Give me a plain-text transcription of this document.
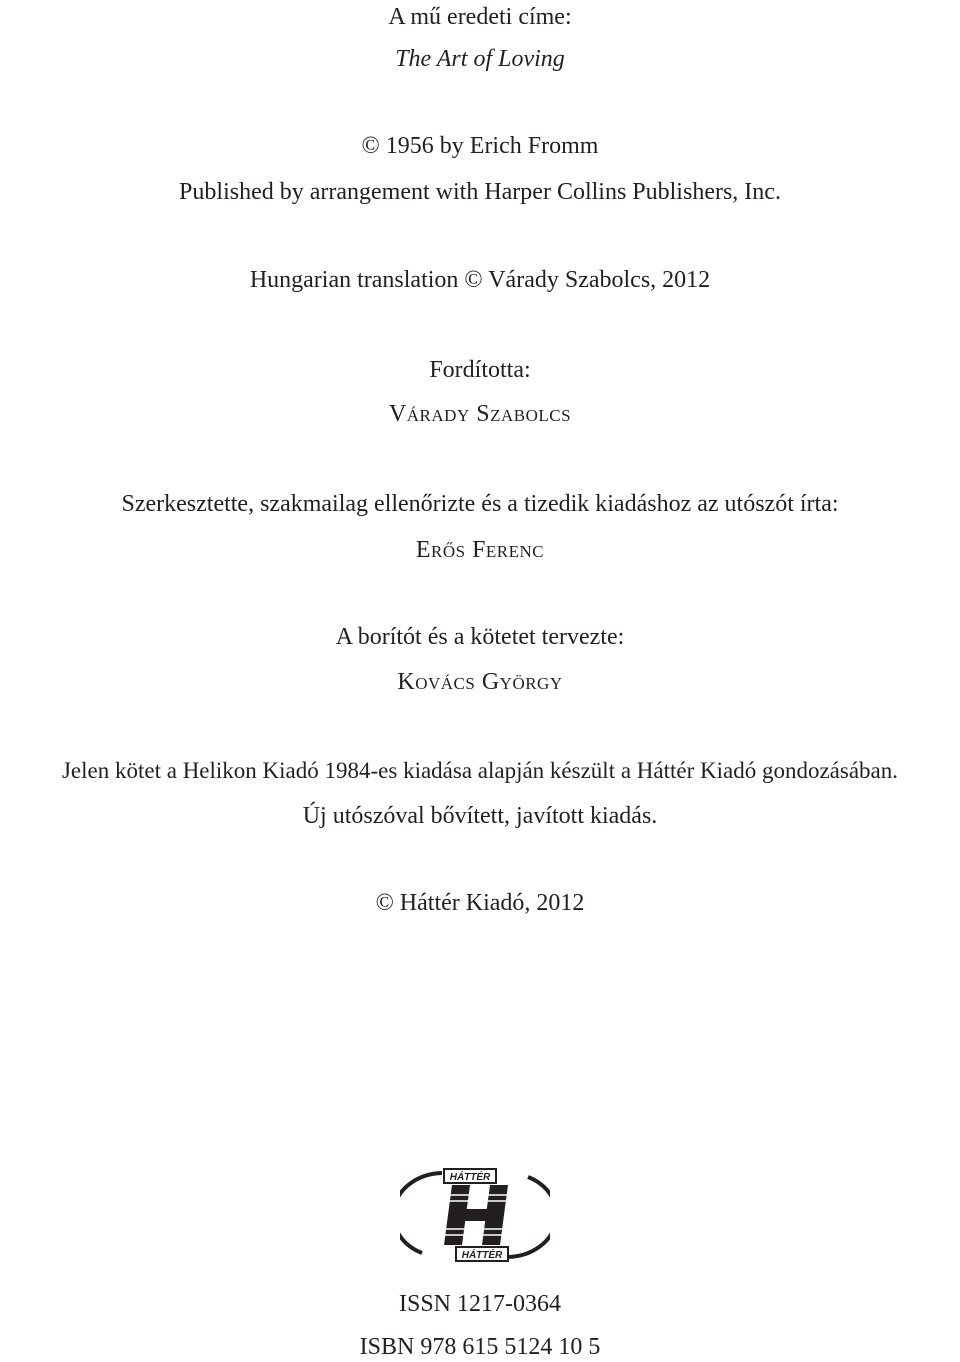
A mű eredeti címe:
The Art of Loving
© 1956 by Erich Fromm
Published by arrangement with Harper Collins Publishers, Inc.
Hungarian translation © Várady Szabolcs, 2012
Fordította:
Várady Szabolcs
Szerkesztette, szakmailag ellenőrizte és a tizedik kiadáshoz az utószót írta:
Erős Ferenc
A borítót és a kötetet tervezte:
Kovács György
Jelen kötet a Helikon Kiadó 1984-es kiadása alapján készült a Háttér Kiadó gondozásában.
Új utószóval bővített, javított kiadás.
© Háttér Kiadó, 2012
HÁTTÉR
HÁTTÉR
ISSN 1217-0364
ISBN 978 615 5124 10 5
